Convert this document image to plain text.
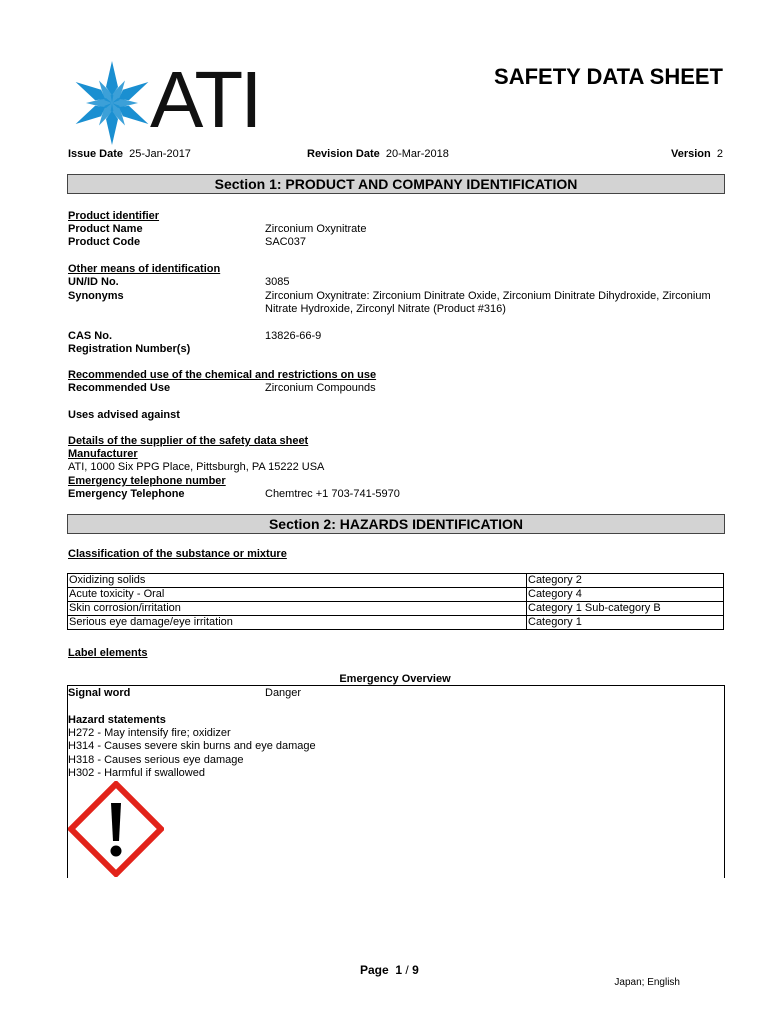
ATI	SAFETY DATA SHEET
Issue Date 25-Jan-2017	Revision Date 20-Mar-2018	Version 2
Section 1: PRODUCT AND COMPANY IDENTIFICATION
Product identifier
Product Name	Zirconium Oxynitrate
Product Code	SAC037
Other means of identification
UN/ID No.	3085
Synonyms	Zirconium Oxynitrate: Zirconium Dinitrate Oxide, Zirconium Dinitrate Dihydroxide, Zirconium
Nitrate Hydroxide, Zirconyl Nitrate (Product #316)
CAS No.	13826-66-9
Registration Number(s)
Recommended use of the chemical and restrictions on use
Recommended Use	Zirconium Compounds
Uses advised against
Details of the supplier of the safety data sheet
Manufacturer
ATI, 1000 Six PPG Place, Pittsburgh, PA 15222 USA
Emergency telephone number
Emergency Telephone	Chemtrec +1 703-741-5970
Section 2: HAZARDS IDENTIFICATION
Classification of the substance or mixture
Oxidizing solids	Category 2
Acute toxicity - Oral	Category 4
Skin corrosion/irritation	Category 1 Sub-category B
Serious eye damage/eye irritation	Category 1
Label elements
Emergency Overview
Signal word	Danger
Hazard statements
H272 - May intensify fire; oxidizer
H314 - Causes severe skin burns and eye damage
H318 - Causes serious eye damage
H302 - Harmful if swallowed
Page 1 / 9
Japan; English
